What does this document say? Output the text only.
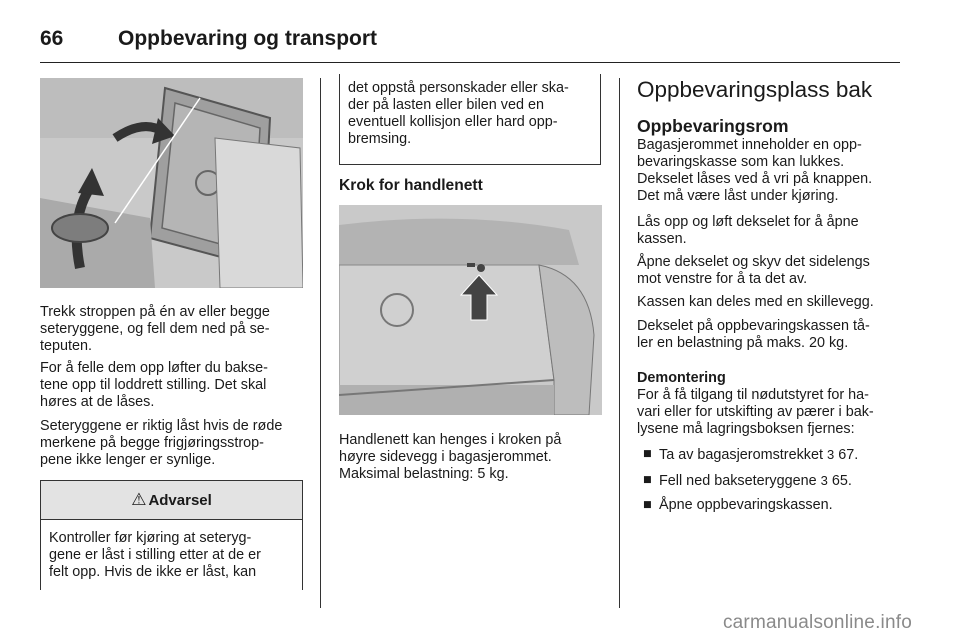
66	Oppbevaring og transport
Trekk stroppen på én av eller begge
seteryggene, og fell dem ned på se-
teputen.
For å felle dem opp løfter du bakse-
tene opp til loddrett stilling. Det skal
høres at de låses.
Seteryggene er riktig låst hvis de røde
merkene på begge frigjøringsstrop-
pene ikke lenger er synlige.
⚠ Advarsel
Kontroller før kjøring at seteryg-
gene er låst i stilling etter at de er
felt opp. Hvis de ikke er låst, kan
det oppstå personskader eller ska-
der på lasten eller bilen ved en
eventuell kollisjon eller hard opp-
bremsing.
Krok for handlenett
Handlenett kan henges i kroken på
høyre sidevegg i bagasjerommet.
Maksimal belastning: 5 kg.
Oppbevaringsplass bak
Oppbevaringsrom
Bagasjerommet inneholder en opp-
bevaringskasse som kan lukkes.
Dekselet låses ved å vri på knappen.
Det må være låst under kjøring.
Lås opp og løft dekselet for å åpne
kassen.
Åpne dekselet og skyv det sidelengs
mot venstre for å ta det av.
Kassen kan deles med en skillevegg.
Dekselet på oppbevaringskassen tå-
ler en belastning på maks. 20 kg.
Demontering
For å få tilgang til nødutstyret for ha-
vari eller for utskifting av pærer i bak-
lysene må lagringsboksen fjernes:
■ Ta av bagasjeromstrekket 3 67.
■ Fell ned bakseteryggene 3 65.
■ Åpne oppbevaringskassen.
carmanualsonline.info
